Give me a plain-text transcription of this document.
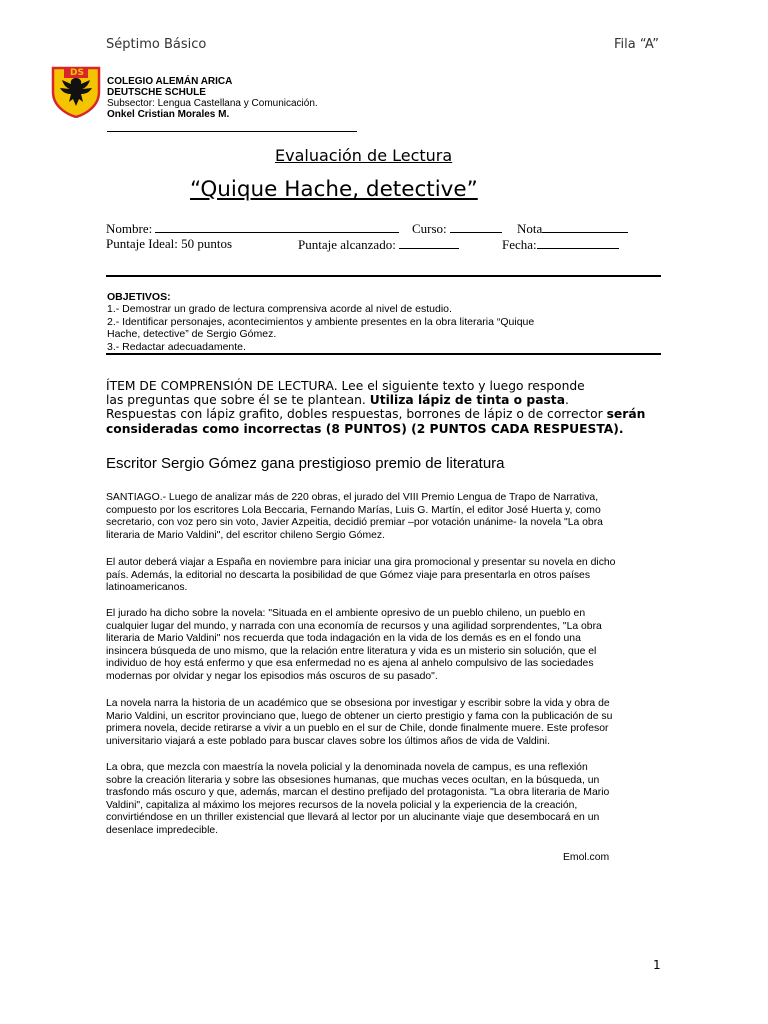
Séptimo Básico	Fila “A”
DS
COLEGIO ALEMÁN ARICA
DEUTSCHE SCHULE
Subsector: Lengua Castellana y Comunicación.
Onkel Cristian Morales M.
Evaluación de Lectura
“Quique Hache, detective”
Nombre:	Curso:	Nota
Puntaje Ideal: 50 puntos	Puntaje alcanzado:	Fecha:
OBJETIVOS:
1.- Demostrar un grado de lectura comprensiva acorde al nivel de estudio.
2.- Identificar personajes, acontecimientos y ambiente presentes en la obra literaria “Quique
Hache, detective” de Sergio Gómez.
3.- Redactar adecuadamente.
ÍTEM DE COMPRENSIÓN DE LECTURA. Lee el siguiente texto y luego responde
las preguntas que sobre él se te plantean. Utiliza lápiz de tinta o pasta.
Respuestas con lápiz grafito, dobles respuestas, borrones de lápiz o de corrector serán
consideradas como incorrectas (8 PUNTOS) (2 PUNTOS CADA RESPUESTA).
Escritor Sergio Gómez gana prestigioso premio de literatura
SANTIAGO.- Luego de analizar más de 220 obras, el jurado del VIII Premio Lengua de Trapo de Narrativa,
compuesto por los escritores Lola Beccaria, Fernando Marías, Luis G. Martín, el editor José Huerta y, como
secretario, con voz pero sin voto, Javier Azpeitia, decidió premiar –por votación unánime- la novela "La obra
literaria de Mario Valdini", del escritor chileno Sergio Gómez.
El autor deberá viajar a España en noviembre para iniciar una gira promocional y presentar su novela en dicho
país. Además, la editorial no descarta la posibilidad de que Gómez viaje para presentarla en otros países
latinoamericanos.
El jurado ha dicho sobre la novela: "Situada en el ambiente opresivo de un pueblo chileno, un pueblo en
cualquier lugar del mundo, y narrada con una economía de recursos y una agilidad sorprendentes, "La obra
literaria de Mario Valdini" nos recuerda que toda indagación en la vida de los demás es en el fondo una
insincera búsqueda de uno mismo, que la relación entre literatura y vida es un misterio sin solución, que el
individuo de hoy está enfermo y que esa enfermedad no es ajena al anhelo compulsivo de las sociedades
modernas por olvidar y negar los episodios más oscuros de su pasado".
La novela narra la historia de un académico que se obsesiona por investigar y escribir sobre la vida y obra de
Mario Valdini, un escritor provinciano que, luego de obtener un cierto prestigio y fama con la publicación de su
primera novela, decide retirarse a vivir a un pueblo en el sur de Chile, donde finalmente muere. Este profesor
universitario viajará a este poblado para buscar claves sobre los últimos años de vida de Valdini.
La obra, que mezcla con maestría la novela policial y la denominada novela de campus, es una reflexión
sobre la creación literaria y sobre las obsesiones humanas, que muchas veces ocultan, en la búsqueda, un
trasfondo más oscuro y que, además, marcan el destino prefijado del protagonista. "La obra literaria de Mario
Valdini", capitaliza al máximo los mejores recursos de la novela policial y la experiencia de la creación,
convirtiéndose en un thriller existencial que llevará al lector por un alucinante viaje que desembocará en un
desenlace impredecible.
Emol.com
1
